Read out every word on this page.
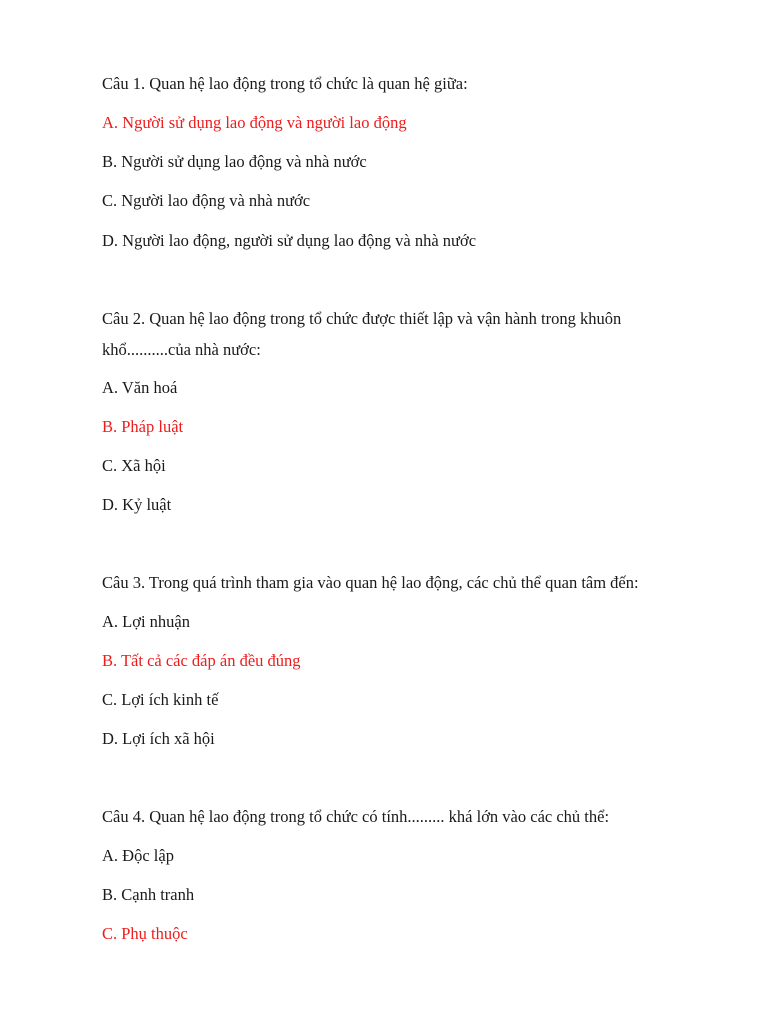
Câu 1. Quan hệ lao động trong tổ chức là quan hệ giữa:
A. Người sử dụng lao động và người lao động
B. Người sử dụng lao động và nhà nước
C. Người lao động và nhà nước
D. Người lao động, người sử dụng lao động và nhà nước
Câu 2. Quan hệ lao động trong tổ chức được thiết lập và vận hành trong khuôn
khổ..........của nhà nước:
A. Văn hoá
B. Pháp luật
C. Xã hội
D. Kỷ luật
Câu 3. Trong quá trình tham gia vào quan hệ lao động, các chủ thể quan tâm đến:
A. Lợi nhuận
B. Tất cả các đáp án đều đúng
C. Lợi ích kinh tế
D. Lợi ích xã hội
Câu 4. Quan hệ lao động trong tổ chức có tính......... khá lớn vào các chủ thể:
A. Độc lập
B. Cạnh tranh
C. Phụ thuộc
